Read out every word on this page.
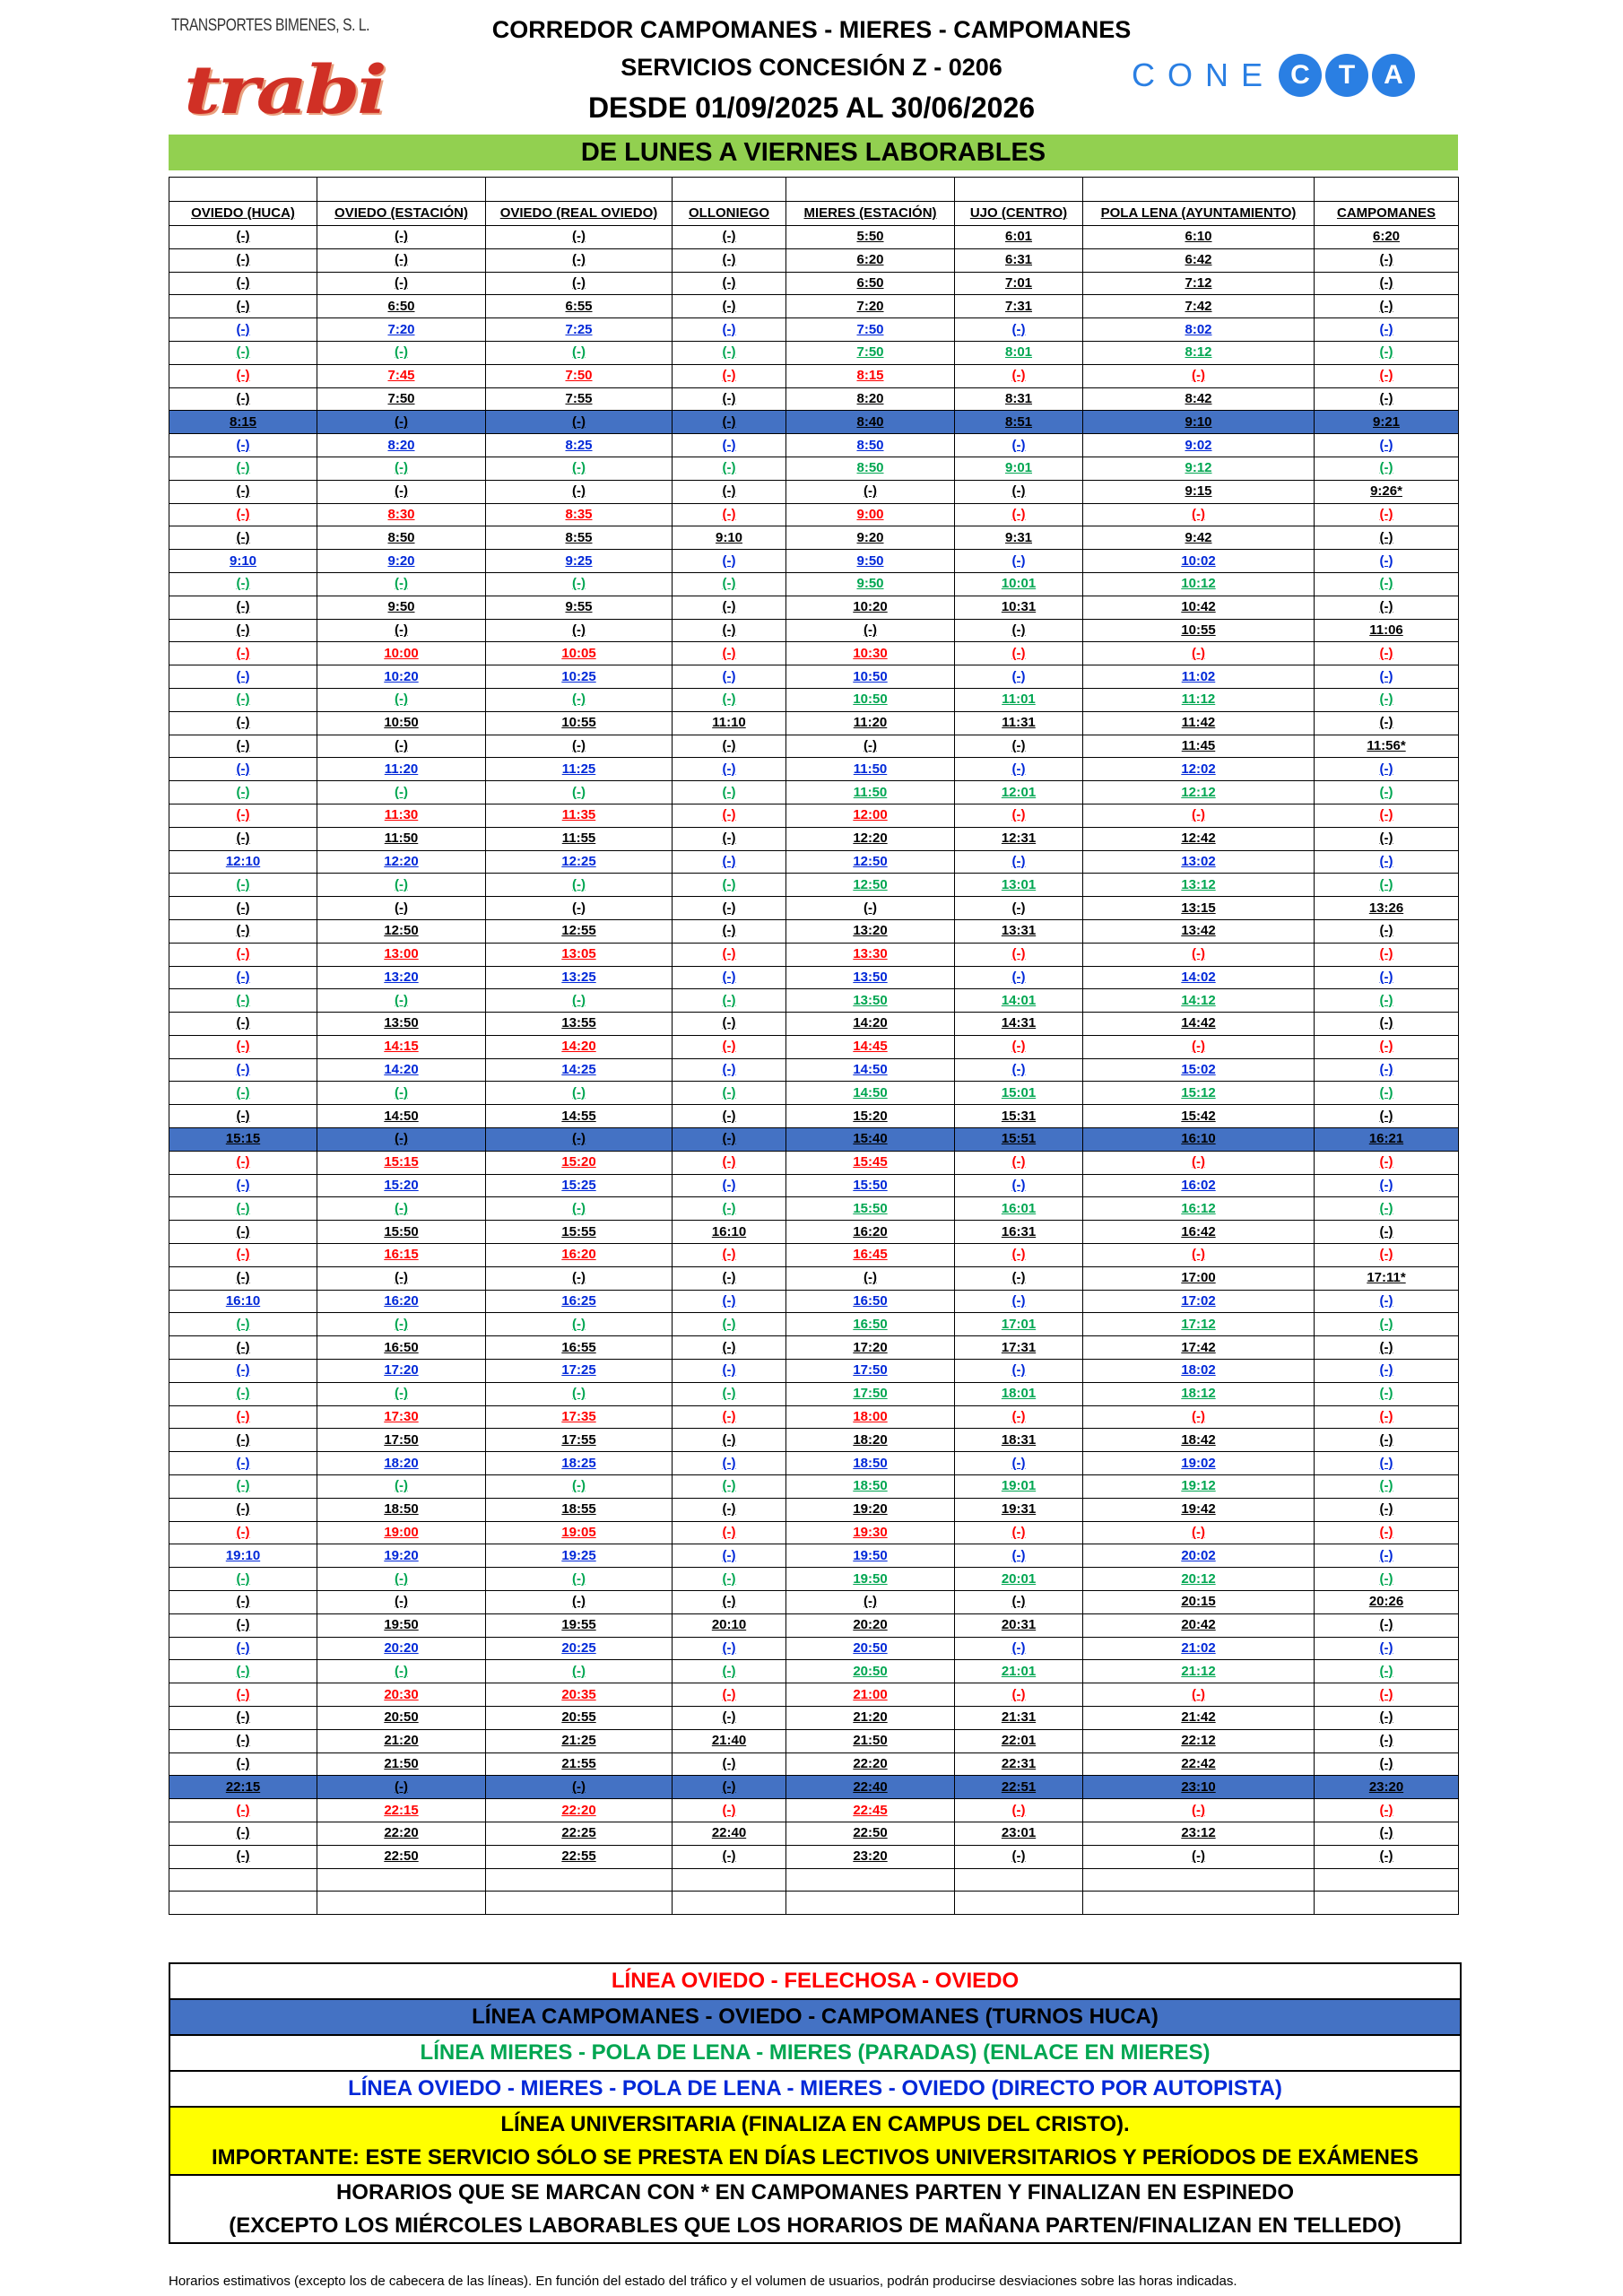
TRANSPORTES BIMENES, S. L.
trabi
CORREDOR CAMPOMANES - MIERES - CAMPOMANES
SERVICIOS CONCESIÓN Z - 0206
DESDE 01/09/2025 AL 30/06/2026
CONE C	T	A
DE LUNES A VIERNES LABORABLES

OVIEDO (HUCA)	OVIEDO (ESTACIÓN)	OVIEDO (REAL OVIEDO)	OLLONIEGO	MIERES (ESTACIÓN)	UJO (CENTRO)	POLA LENA (AYUNTAMIENTO)	CAMPOMANES
(-)	(-)	(-)	(-)	5:50	6:01	6:10	6:20
(-)	(-)	(-)	(-)	6:20	6:31	6:42	(-)
(-)	(-)	(-)	(-)	6:50	7:01	7:12	(-)
(-)	6:50	6:55	(-)	7:20	7:31	7:42	(-)
(-)	7:20	7:25	(-)	7:50	(-)	8:02	(-)
(-)	(-)	(-)	(-)	7:50	8:01	8:12	(-)
(-)	7:45	7:50	(-)	8:15	(-)	(-)	(-)
(-)	7:50	7:55	(-)	8:20	8:31	8:42	(-)
8:15	(-)	(-)	(-)	8:40	8:51	9:10	9:21
(-)	8:20	8:25	(-)	8:50	(-)	9:02	(-)
(-)	(-)	(-)	(-)	8:50	9:01	9:12	(-)
(-)	(-)	(-)	(-)	(-)	(-)	9:15	9:26*
(-)	8:30	8:35	(-)	9:00	(-)	(-)	(-)
(-)	8:50	8:55	9:10	9:20	9:31	9:42	(-)
9:10	9:20	9:25	(-)	9:50	(-)	10:02	(-)
(-)	(-)	(-)	(-)	9:50	10:01	10:12	(-)
(-)	9:50	9:55	(-)	10:20	10:31	10:42	(-)
(-)	(-)	(-)	(-)	(-)	(-)	10:55	11:06
(-)	10:00	10:05	(-)	10:30	(-)	(-)	(-)
(-)	10:20	10:25	(-)	10:50	(-)	11:02	(-)
(-)	(-)	(-)	(-)	10:50	11:01	11:12	(-)
(-)	10:50	10:55	11:10	11:20	11:31	11:42	(-)
(-)	(-)	(-)	(-)	(-)	(-)	11:45	11:56*
(-)	11:20	11:25	(-)	11:50	(-)	12:02	(-)
(-)	(-)	(-)	(-)	11:50	12:01	12:12	(-)
(-)	11:30	11:35	(-)	12:00	(-)	(-)	(-)
(-)	11:50	11:55	(-)	12:20	12:31	12:42	(-)
12:10	12:20	12:25	(-)	12:50	(-)	13:02	(-)
(-)	(-)	(-)	(-)	12:50	13:01	13:12	(-)
(-)	(-)	(-)	(-)	(-)	(-)	13:15	13:26
(-)	12:50	12:55	(-)	13:20	13:31	13:42	(-)
(-)	13:00	13:05	(-)	13:30	(-)	(-)	(-)
(-)	13:20	13:25	(-)	13:50	(-)	14:02	(-)
(-)	(-)	(-)	(-)	13:50	14:01	14:12	(-)
(-)	13:50	13:55	(-)	14:20	14:31	14:42	(-)
(-)	14:15	14:20	(-)	14:45	(-)	(-)	(-)
(-)	14:20	14:25	(-)	14:50	(-)	15:02	(-)
(-)	(-)	(-)	(-)	14:50	15:01	15:12	(-)
(-)	14:50	14:55	(-)	15:20	15:31	15:42	(-)
15:15	(-)	(-)	(-)	15:40	15:51	16:10	16:21
(-)	15:15	15:20	(-)	15:45	(-)	(-)	(-)
(-)	15:20	15:25	(-)	15:50	(-)	16:02	(-)
(-)	(-)	(-)	(-)	15:50	16:01	16:12	(-)
(-)	15:50	15:55	16:10	16:20	16:31	16:42	(-)
(-)	16:15	16:20	(-)	16:45	(-)	(-)	(-)
(-)	(-)	(-)	(-)	(-)	(-)	17:00	17:11*
16:10	16:20	16:25	(-)	16:50	(-)	17:02	(-)
(-)	(-)	(-)	(-)	16:50	17:01	17:12	(-)
(-)	16:50	16:55	(-)	17:20	17:31	17:42	(-)
(-)	17:20	17:25	(-)	17:50	(-)	18:02	(-)
(-)	(-)	(-)	(-)	17:50	18:01	18:12	(-)
(-)	17:30	17:35	(-)	18:00	(-)	(-)	(-)
(-)	17:50	17:55	(-)	18:20	18:31	18:42	(-)
(-)	18:20	18:25	(-)	18:50	(-)	19:02	(-)
(-)	(-)	(-)	(-)	18:50	19:01	19:12	(-)
(-)	18:50	18:55	(-)	19:20	19:31	19:42	(-)
(-)	19:00	19:05	(-)	19:30	(-)	(-)	(-)
19:10	19:20	19:25	(-)	19:50	(-)	20:02	(-)
(-)	(-)	(-)	(-)	19:50	20:01	20:12	(-)
(-)	(-)	(-)	(-)	(-)	(-)	20:15	20:26
(-)	19:50	19:55	20:10	20:20	20:31	20:42	(-)
(-)	20:20	20:25	(-)	20:50	(-)	21:02	(-)
(-)	(-)	(-)	(-)	20:50	21:01	21:12	(-)
(-)	20:30	20:35	(-)	21:00	(-)	(-)	(-)
(-)	20:50	20:55	(-)	21:20	21:31	21:42	(-)
(-)	21:20	21:25	21:40	21:50	22:01	22:12	(-)
(-)	21:50	21:55	(-)	22:20	22:31	22:42	(-)
22:15	(-)	(-)	(-)	22:40	22:51	23:10	23:20
(-)	22:15	22:20	(-)	22:45	(-)	(-)	(-)
(-)	22:20	22:25	22:40	22:50	23:01	23:12	(-)
(-)	22:50	22:55	(-)	23:20	(-)	(-)	(-)

LÍNEA OVIEDO - FELECHOSA - OVIEDO
LÍNEA CAMPOMANES - OVIEDO - CAMPOMANES (TURNOS HUCA)
LÍNEA MIERES - POLA DE LENA - MIERES (PARADAS) (ENLACE EN MIERES)
LÍNEA OVIEDO - MIERES - POLA DE LENA - MIERES - OVIEDO (DIRECTO POR AUTOPISTA)
LÍNEA UNIVERSITARIA (FINALIZA EN CAMPUS DEL CRISTO).
IMPORTANTE: ESTE SERVICIO SÓLO SE PRESTA EN DÍAS LECTIVOS UNIVERSITARIOS Y PERÍODOS DE EXÁMENES
HORARIOS QUE SE MARCAN CON * EN CAMPOMANES PARTEN Y FINALIZAN EN ESPINEDO
(EXCEPTO LOS MIÉRCOLES LABORABLES QUE LOS HORARIOS DE MAÑANA PARTEN/FINALIZAN EN TELLEDO)
Horarios estimativos (excepto los de cabecera de las líneas). En función del estado del tráfico y el volumen de usuarios, podrán producirse desviaciones sobre las horas indicadas.
